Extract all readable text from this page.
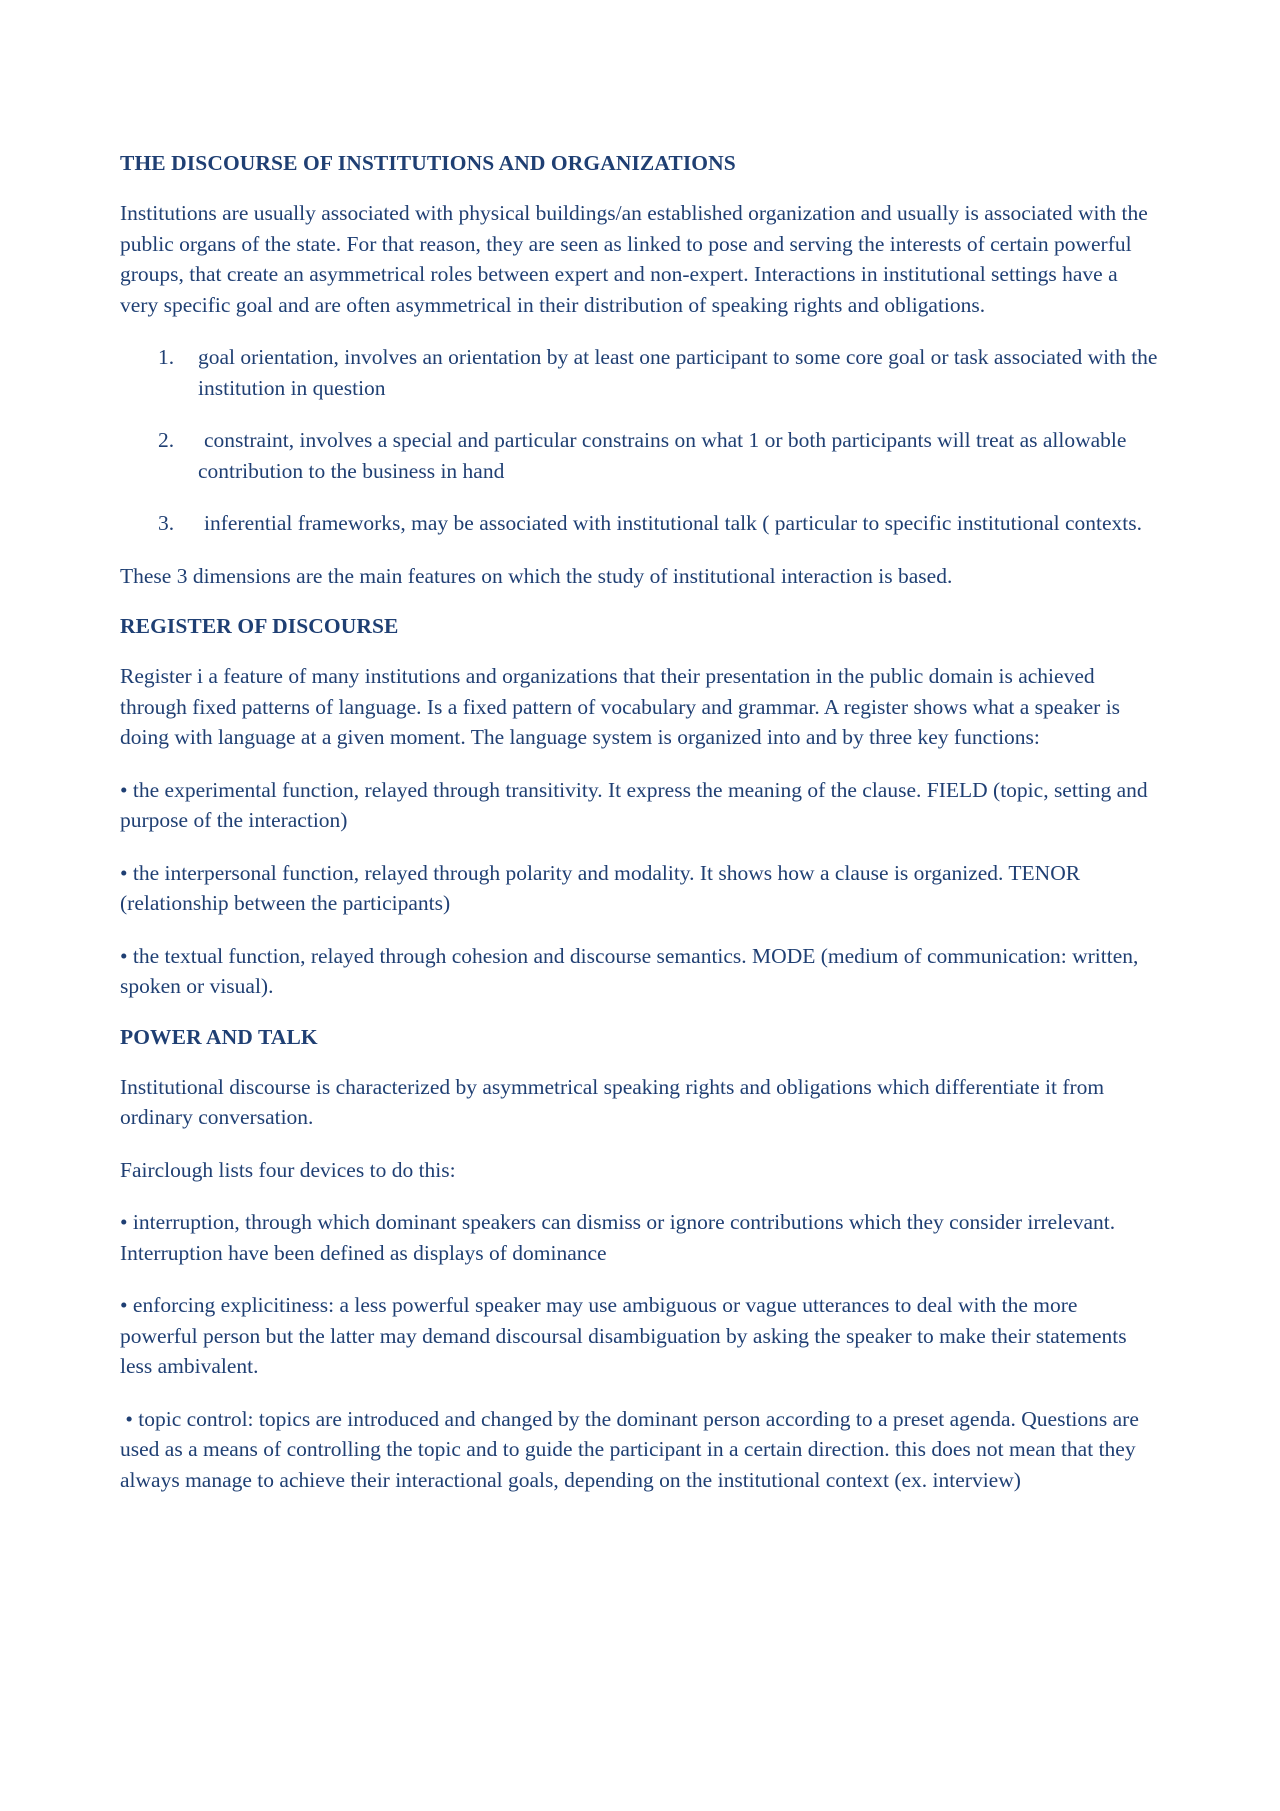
THE DISCOURSE OF INSTITUTIONS AND ORGANIZATIONS
Institutions are usually associated with physical buildings/an established organization and usually is associated with the public organs of the state. For that reason, they are seen as linked to pose and serving the interests of certain powerful groups, that create an asymmetrical roles between expert and non-expert. Interactions in institutional settings have a very specific goal and are often asymmetrical in their distribution of speaking rights and obligations.
1.	goal orientation, involves an orientation by at least one participant to some core goal or task associated with the institution in question
2.	constraint, involves a special and particular constrains on what 1 or both participants will treat as allowable contribution to the business in hand
3.	inferential frameworks, may be associated with institutional talk ( particular to specific institutional contexts.
These 3 dimensions are the main features on which the study of institutional interaction is based.
REGISTER OF DISCOURSE
Register i a feature of many institutions and organizations that their presentation in the public domain is achieved through fixed patterns of language. Is a fixed pattern of vocabulary and grammar. A register shows what a speaker is doing with language at a given moment. The language system is organized into and by three key functions:
• the experimental function, relayed through transitivity. It express the meaning of the clause. FIELD (topic, setting and purpose of the interaction)
• the interpersonal function, relayed through polarity and modality. It shows how a clause is organized. TENOR (relationship between the participants)
• the textual function, relayed through cohesion and discourse semantics. MODE (medium of communication: written, spoken or visual).
POWER AND TALK
Institutional discourse is characterized by asymmetrical speaking rights and obligations which differentiate it from ordinary conversation.
Fairclough lists four devices to do this:
• interruption, through which dominant speakers can dismiss or ignore contributions which they consider irrelevant. Interruption have been defined as displays of dominance
• enforcing explicitiness: a less powerful speaker may use ambiguous or vague utterances to deal with the more powerful person but the latter may demand discoursal disambiguation by asking the speaker to make their statements less ambivalent.
• topic control: topics are introduced and changed by the dominant person according to a preset agenda. Questions are used as a means of controlling the topic and to guide the participant in a certain direction. this does not mean that they always manage to achieve their interactional goals, depending on the institutional context (ex. interview)
